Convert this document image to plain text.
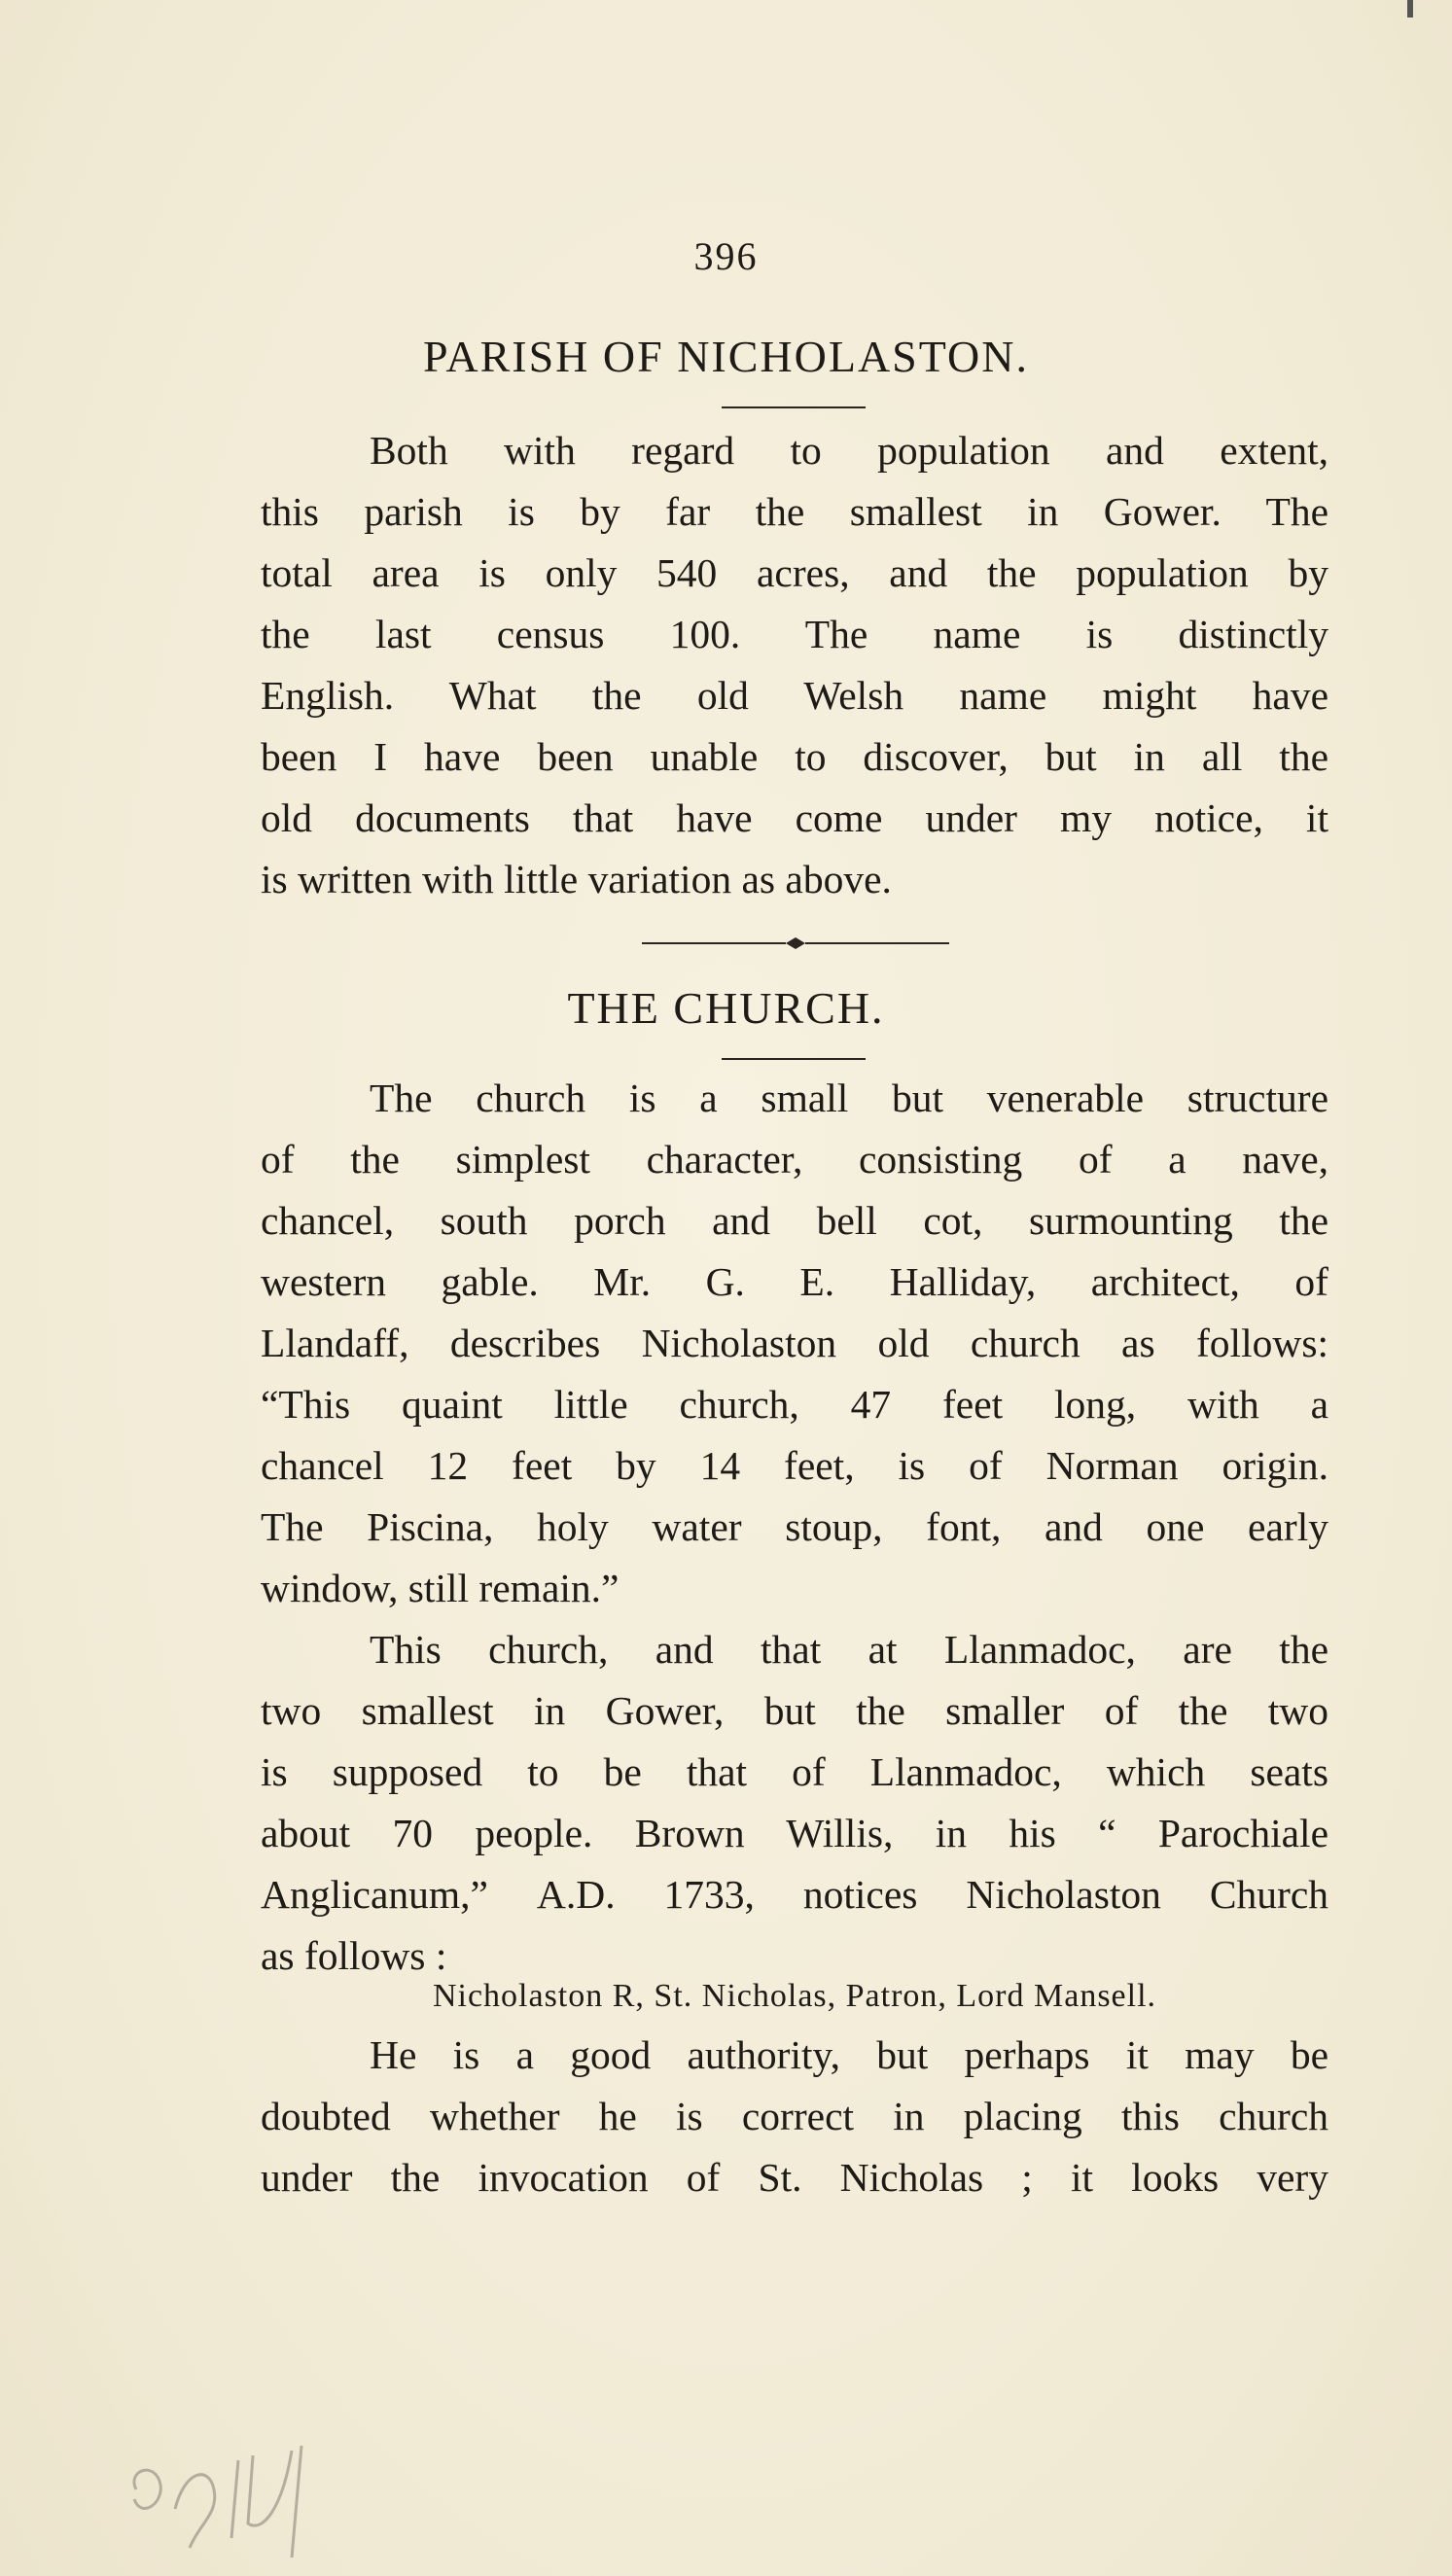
396
PARISH OF NICHOLASTON.
Both with regard to population and extent,
this parish is by far the smallest in Gower. The
total area is only 540 acres, and the population by
the last census 100. The name is distinctly
English. What the old Welsh name might have
been I have been unable to discover, but in all the
old documents that have come under my notice, it
is written with little variation as above.
THE CHURCH.
The church is a small but venerable structure
of the simplest character, consisting of a nave,
chancel, south porch and bell cot, surmounting the
western gable. Mr. G. E. Halliday, architect, of
Llandaff, describes Nicholaston old church as follows:
“This quaint little church, 47 feet long, with a
chancel 12 feet by 14 feet, is of Norman origin.
The Piscina, holy water stoup, font, and one early
window, still remain.”
This church, and that at Llanmadoc, are the
two smallest in Gower, but the smaller of the two
is supposed to be that of Llanmadoc, which seats
about 70 people. Brown Willis, in his “ Parochiale
Anglicanum,” A.D. 1733, notices Nicholaston Church
as follows :
Nicholaston R, St. Nicholas, Patron, Lord Mansell.
He is a good authority, but perhaps it may be
doubted whether he is correct in placing this church
under the invocation of St. Nicholas ; it looks very
